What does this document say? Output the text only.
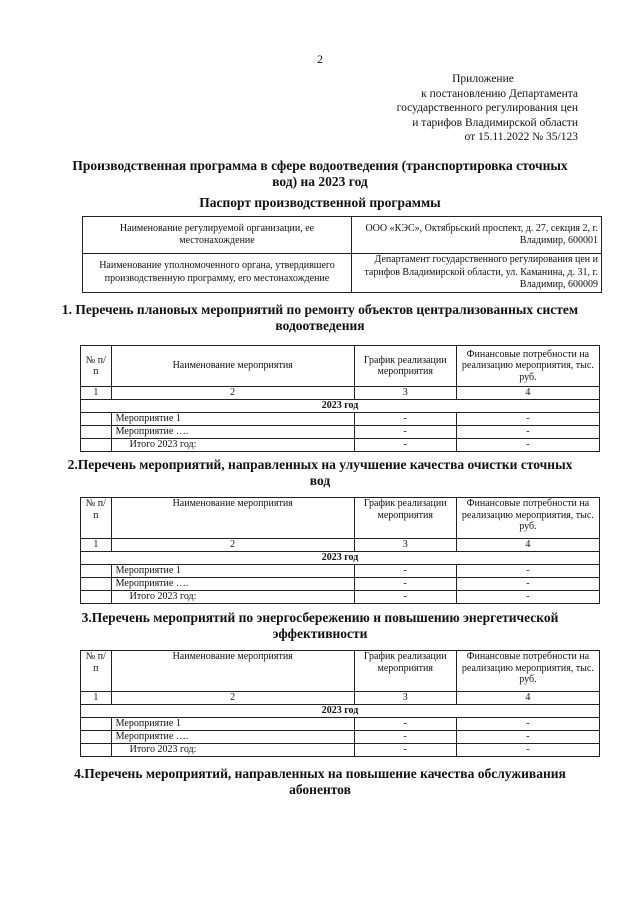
2
Приложение
к постановлению Департамента
государственного регулирования цен
и тарифов Владимирской области
от 15.11.2022 № 35/123
Производственная программа в сфере водоотведения (транспортировка сточных вод) на 2023 год
Паспорт производственной программы
Наименование регулируемой организации, ее местонахождение	ООО «КЭС», Октябрьский проспект, д. 27, секция 2, г. Владимир, 600001
Наименование уполномоченного органа, утвердившего производственную программу, его местонахождение	Департамент государственного регулирования цен и тарифов Владимирской области, ул. Каманина, д. 31, г. Владимир, 600009
1. Перечень плановых мероприятий по ремонту объектов централизованных систем водоотведения
№ п/п	Наименование мероприятия	График реализации мероприятия	Финансовые потребности на реализацию мероприятия, тыс. руб.
1	2	3	4
2023 год			
	Мероприятие 1	-	-
	Мероприятие ….	-	-
	Итого 2023 год:	-	-
2.Перечень мероприятий, направленных на улучшение качества очистки сточных вод
№ п/п	Наименование мероприятия	График реализации мероприятия	Финансовые потребности на реализацию мероприятия, тыс. руб.
1	2	3	4
2023 год			
	Мероприятие 1	-	-
	Мероприятие ….	-	-
	Итого 2023 год:	-	-
3.Перечень мероприятий по энергосбережению и повышению энергетической эффективности
№ п/п	Наименование мероприятия	График реализации мероприятия	Финансовые потребности на реализацию мероприятия, тыс. руб.
1	2	3	4
2023 год			
	Мероприятие 1	-	-
	Мероприятие ….	-	-
	Итого 2023 год:	-	-
4.Перечень мероприятий, направленных на повышение качества обслуживания абонентов
